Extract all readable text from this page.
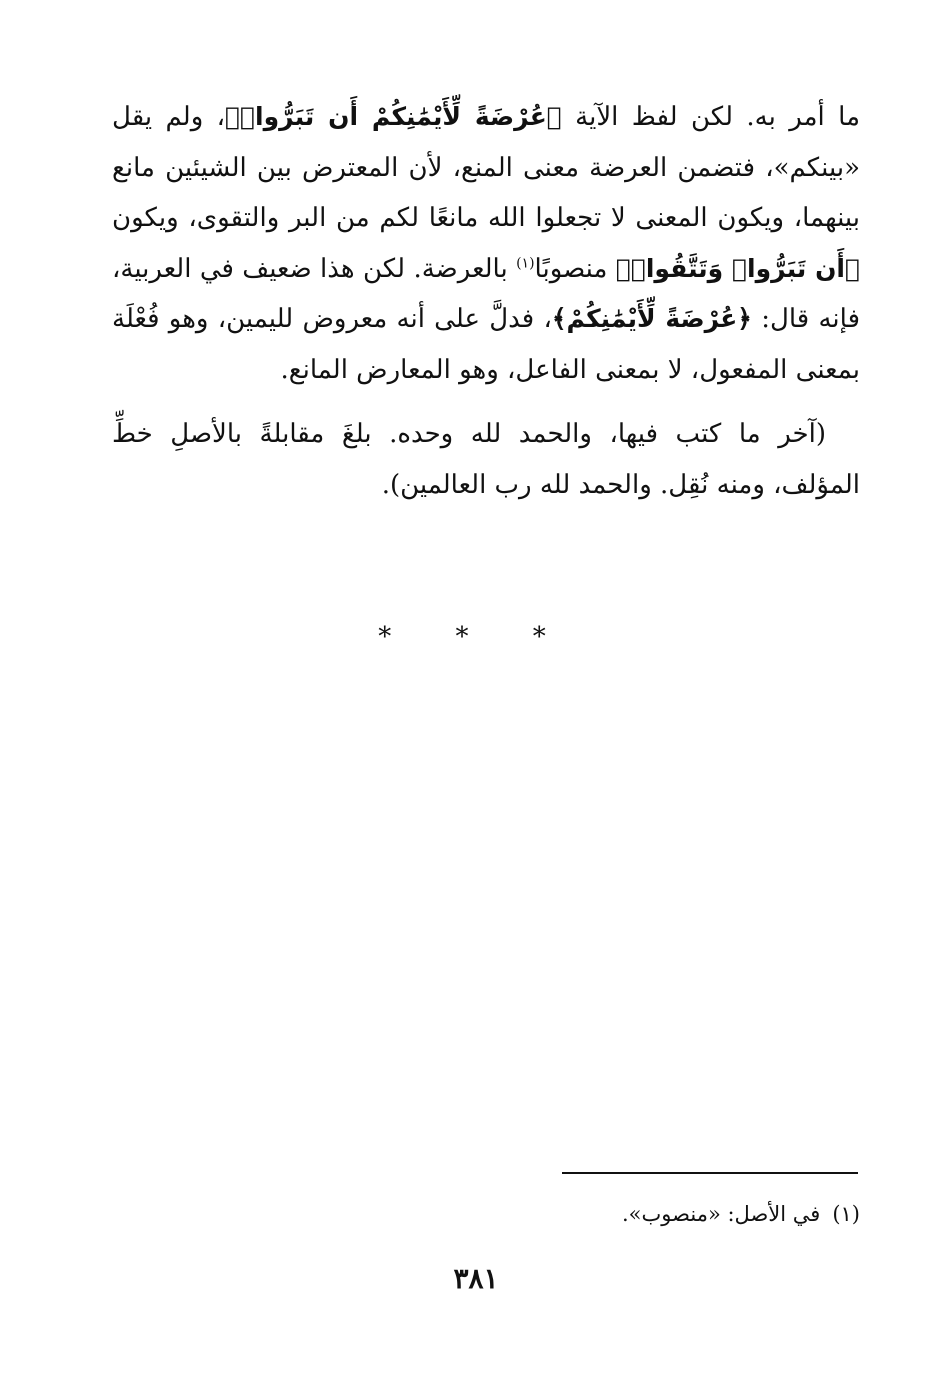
ما أمر به. لكن لفظ الآية ﴿عُرْضَةً لِّأَيْمَٰنِكُمْ أَن تَبَرُّوا۟﴾، ولم يقل «بينكم»، فتضمن العرضة معنى المنع، لأن المعترض بين الشيئين مانع بينهما، ويكون المعنى لا تجعلوا الله مانعًا لكم من البر والتقوى، ويكون ﴿أَن تَبَرُّوا۟ وَتَتَّقُوا۟﴾ منصوبًا$^{(١)}$ بالعرضة. لكن هذا ضعيف في العربية، فإنه قال: ﴿عُرْضَةً لِّأَيْمَٰنِكُمْ﴾، فدلَّ على أنه معروض لليمين، وهو فُعْلَة بمعنى المفعول، لا بمعنى الفاعل، وهو المعارض المانع.

(آخر ما كتب فيها، والحمد لله وحده. بلغَ مقابلةً بالأصلِ خطِّ المؤلف، ومنه نُقِل. والحمد لله رب العالمين).

* * *
(١)في الأصل: «منصوب».
٣٨١
